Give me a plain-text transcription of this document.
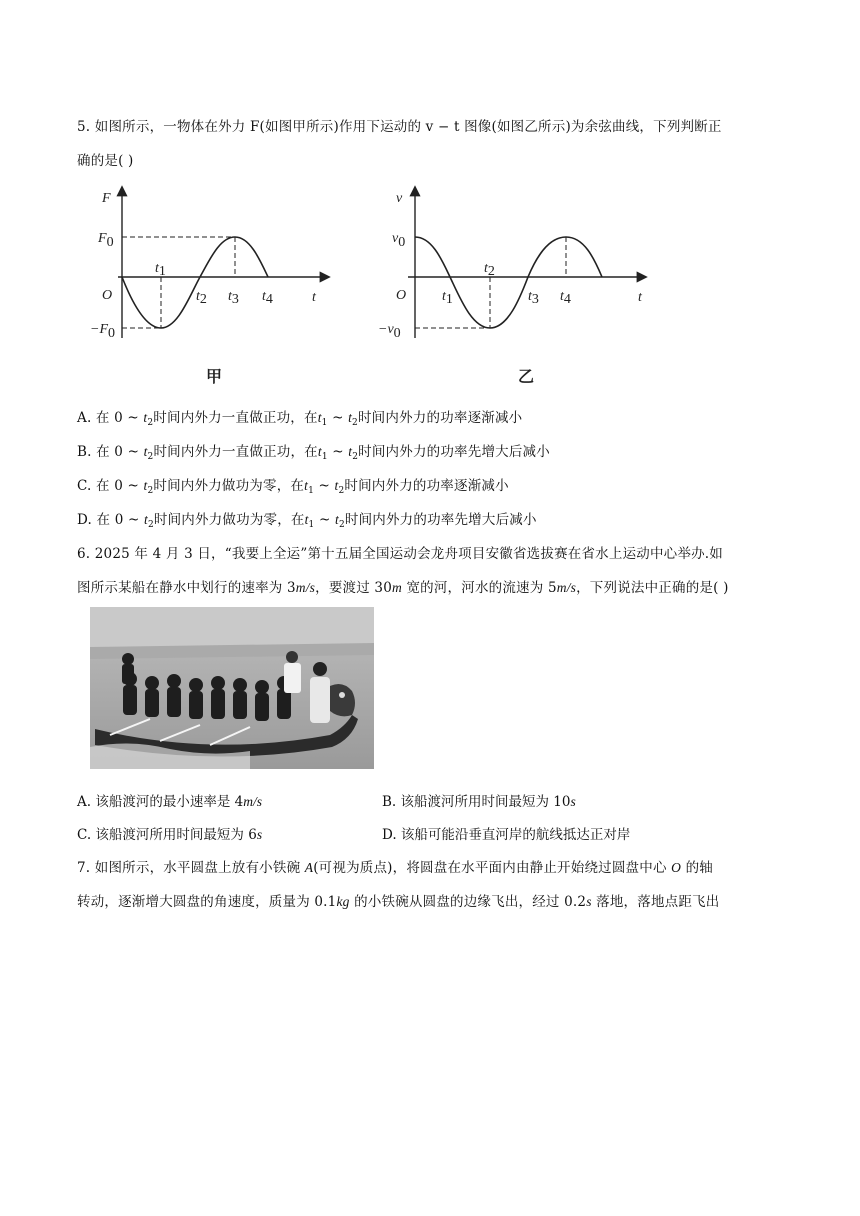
5. 如图所示，一物体在外力 F(如图甲所示)作用下运动的 v − t 图像(如图乙所示)为余弦曲线，下列判断正
确的是( )
F
F0
−F0
O	t
t1
t2 t3 t4
甲
v
v0
−v0
O	t
t1
t2
t3 t4
乙
A. 在 0 ~ $t_2$时间内外力一直做正功，在$t_1$ ~ $t_2$时间内外力的功率逐渐减小
B. 在 0 ~ $t_2$时间内外力一直做正功，在$t_1$ ~ $t_2$时间内外力的功率先增大后减小
C. 在 0 ~ $t_2$时间内外力做功为零，在$t_1$ ~ $t_2$时间内外力的功率逐渐减小
D. 在 0 ~ $t_2$时间内外力做功为零，在$t_1$ ~ $t_2$时间内外力的功率先增大后减小
6. 2025 年 4 月 3 日，“我要上全运”第十五届全国运动会龙舟项目安徽省选拔赛在省水上运动中心举办.如
图所示某船在静水中划行的速率为 3m/s，要渡过 30m 宽的河，河水的流速为 5m/s，下列说法中正确的是( )
A. 该船渡河的最小速率是 4m/s	B. 该船渡河所用时间最短为 10s
C. 该船渡河所用时间最短为 6s	D. 该船可能沿垂直河岸的航线抵达正对岸
7. 如图所示，水平圆盘上放有小铁碗 A(可视为质点)，将圆盘在水平面内由静止开始绕过圆盘中心 O 的轴
转动，逐渐增大圆盘的角速度，质量为 0.1kg 的小铁碗从圆盘的边缘飞出，经过 0.2s 落地，落地点距飞出
